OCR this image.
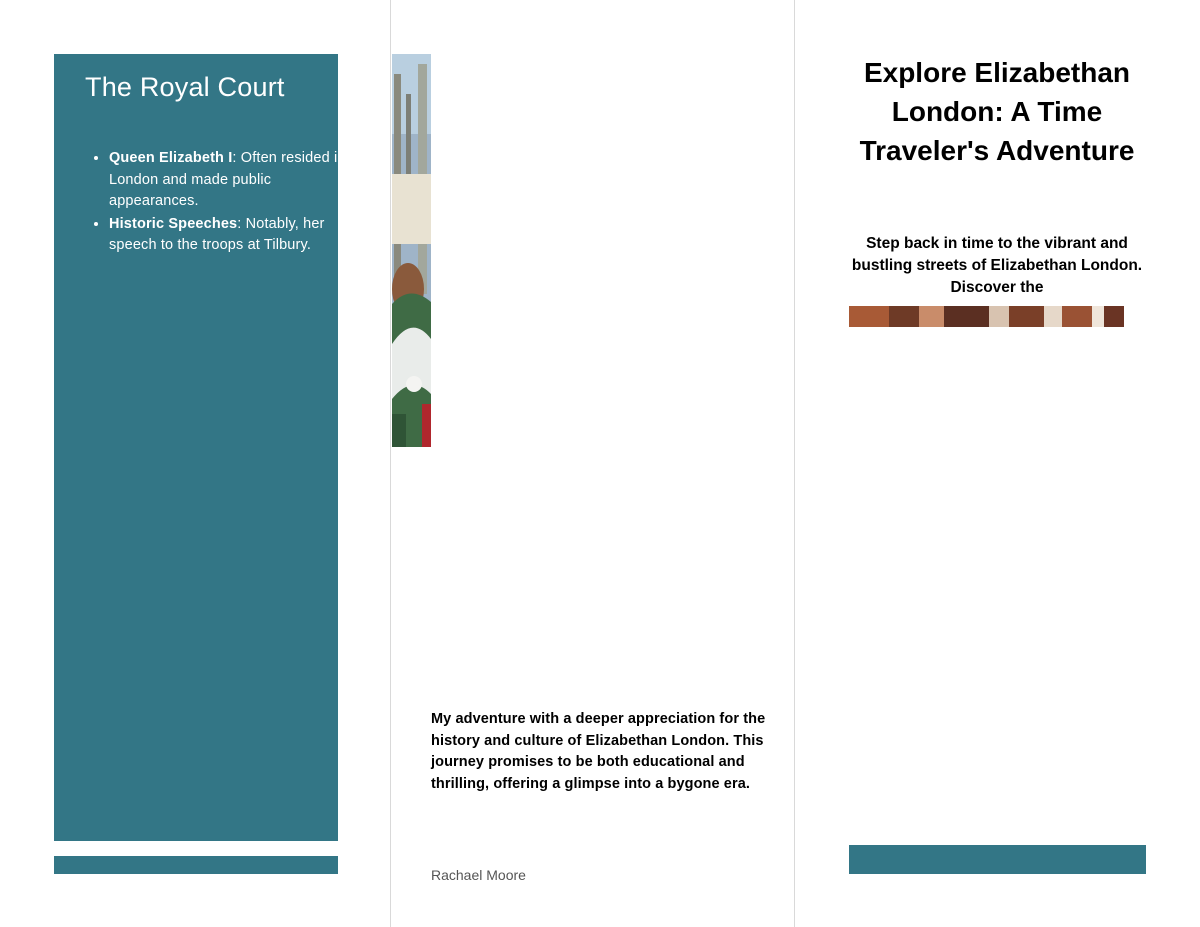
The Royal Court
• Queen Elizabeth I: Often resided in London and made public appearances.
• Historic Speeches: Notably, her speech to the troops at Tilbury.

My adventure with a deeper appreciation for the history and culture of Elizabethan London. This journey promises to be both educational and thrilling, offering a glimpse into a bygone era.

Rachael Moore
Explore Elizabethan London: A Time Traveler's Adventure

Step back in time to the vibrant and bustling streets of Elizabethan London. Discover the
